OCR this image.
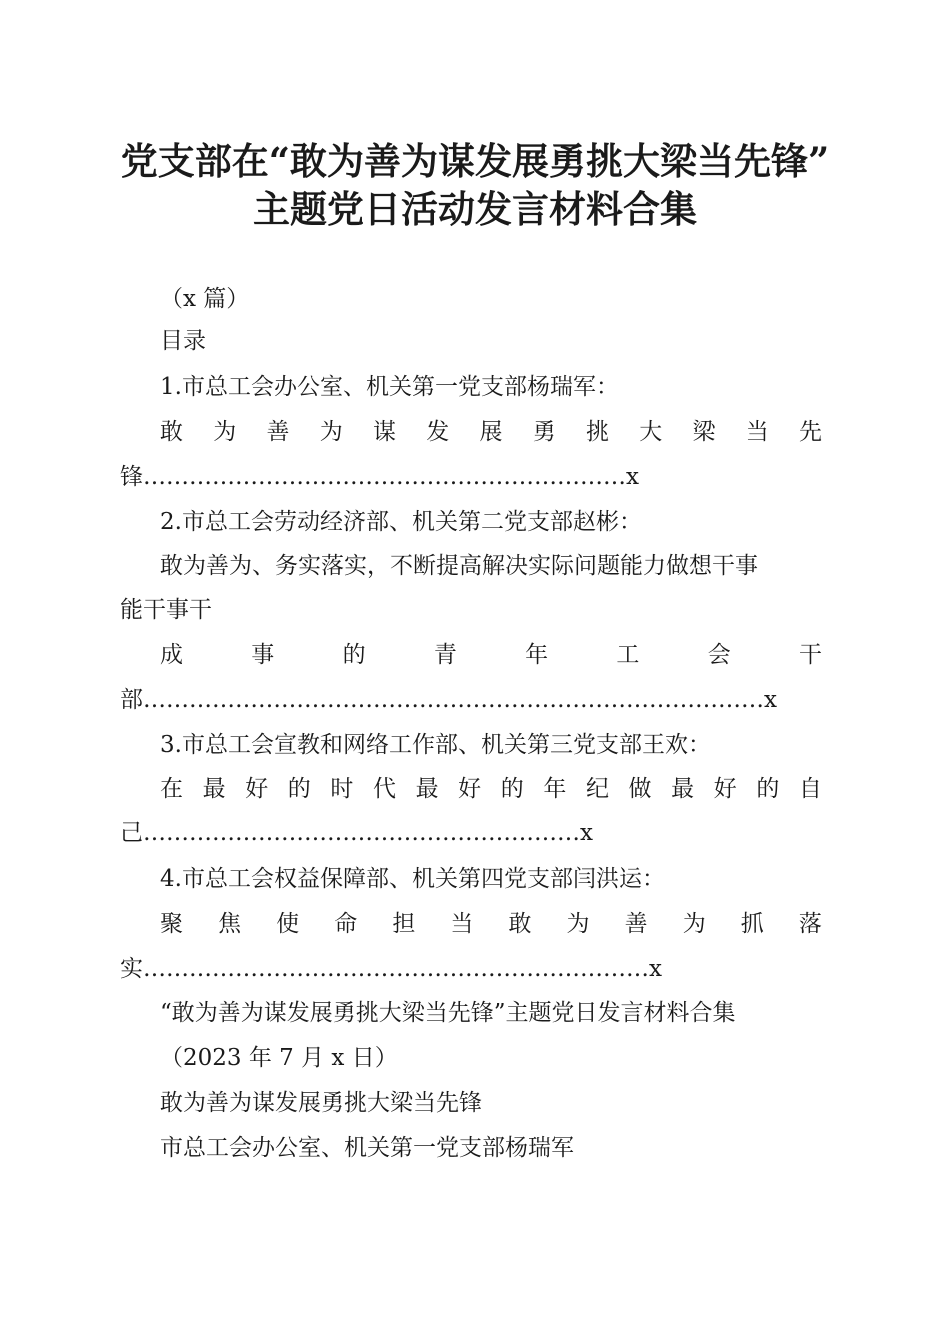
党支部在“敢为善为谋发展勇挑大梁当先锋”
主题党日活动发言材料合集
（x 篇）
目录
1.市总工会办公室、机关第一党支部杨瑞军：
敢 为 善 为 谋 发 展 勇 挑 大 梁 当 先
锋………………………………………………………x
2.市总工会劳动经济部、机关第二党支部赵彬：
敢为善为、务实落实，不断提高解决实际问题能力做想干事
能干事干
成	事	的	青	年	工	会	干
部………………………………………………………………………x
3.市总工会宣教和网络工作部、机关第三党支部王欢：
在 最 好 的 时 代 最 好 的 年 纪 做 最 好 的 自
己…………………………………………………x
4.市总工会权益保障部、机关第四党支部闫洪运：
聚 焦 使 命 担 当 敢 为 善 为 抓 落
实…………………………………………………………x
“敢为善为谋发展勇挑大梁当先锋”主题党日发言材料合集
（2023 年 7 月 x 日）
敢为善为谋发展勇挑大梁当先锋
市总工会办公室、机关第一党支部杨瑞军
